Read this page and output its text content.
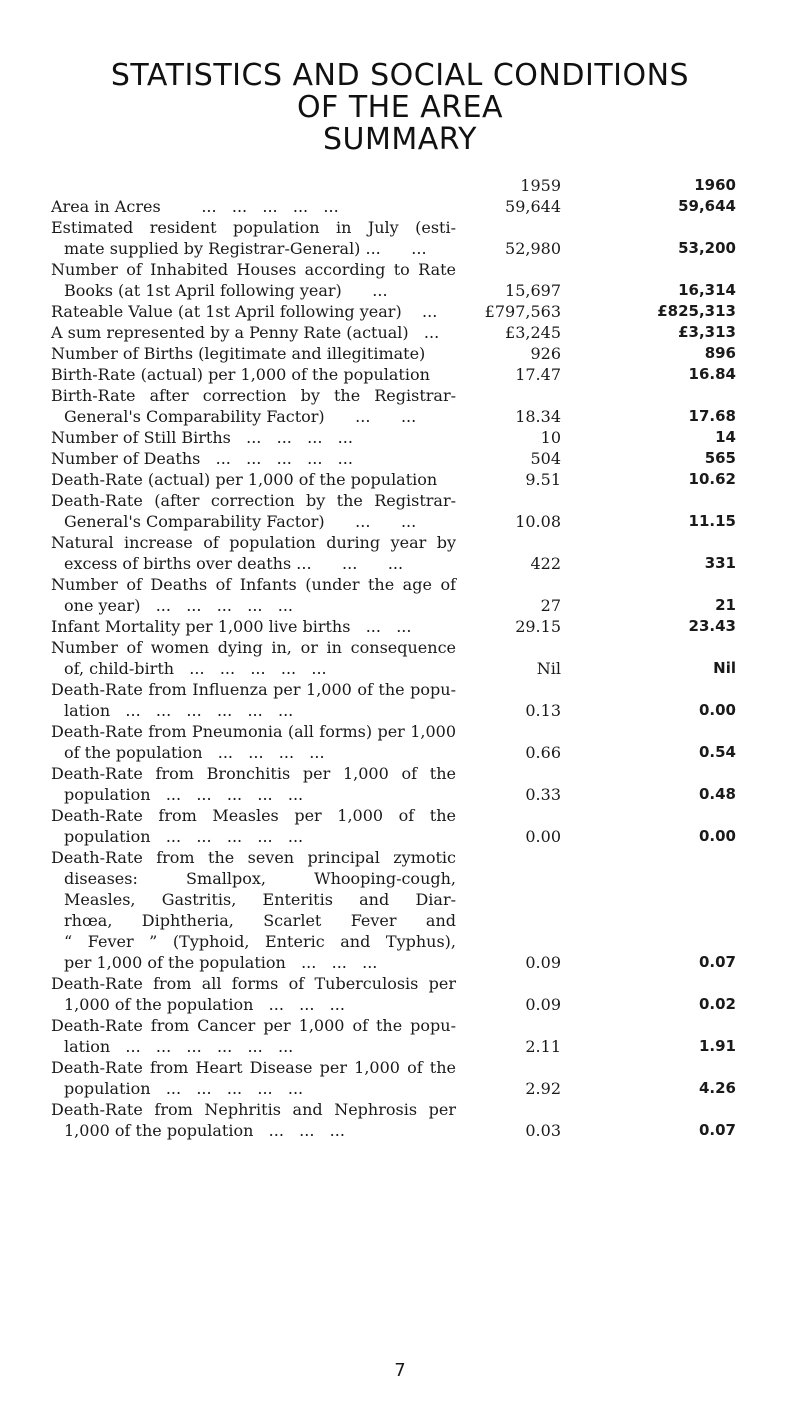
STATISTICS AND SOCIAL CONDITIONS
OF THE AREA
SUMMARY
1959	1960
Area in Acres        ...   ...   ...   ...   ...	59,644	59,644
Estimated resident population in July (esti-
mate supplied by Registrar-General) ...      ...	52,980	53,200
Number of Inhabited Houses according to Rate
Books (at 1st April following year)      ...	15,697	16,314
Rateable Value (at 1st April following year)    ...	£797,563	£825,313
A sum represented by a Penny Rate (actual)   ...	£3,245	£3,313
Number of Births (legitimate and illegitimate)	926	896
Birth-Rate (actual) per 1,000 of the population	17.47	16.84
Birth-Rate after correction by the Registrar-
General's Comparability Factor)      ...      ...	18.34	17.68
Number of Still Births   ...   ...   ...   ...	10	14
Number of Deaths   ...   ...   ...   ...   ...	504	565
Death-Rate (actual) per 1,000 of the population	9.51	10.62
Death-Rate (after correction by the Registrar-
General's Comparability Factor)      ...      ...	10.08	11.15
Natural increase of population during year by
excess of births over deaths ...      ...      ...	422	331
Number of Deaths of Infants (under the age of
one year)   ...   ...   ...   ...   ...	27	21
Infant Mortality per 1,000 live births   ...   ...	29.15	23.43
Number of women dying in, or in consequence
of, child-birth   ...   ...   ...   ...   ...	Nil	Nil
Death-Rate from Influenza per 1,000 of the popu-
lation   ...   ...   ...   ...   ...   ...	0.13	0.00
Death-Rate from Pneumonia (all forms) per 1,000
of the population   ...   ...   ...   ...	0.66	0.54
Death-Rate from Bronchitis per 1,000 of the
population   ...   ...   ...   ...   ...	0.33	0.48
Death-Rate from Measles per 1,000 of the
population   ...   ...   ...   ...   ...	0.00	0.00
Death-Rate from the seven principal zymotic
diseases: Smallpox, Whooping-cough,
Measles, Gastritis, Enteritis and Diar-
rhœa, Diphtheria, Scarlet Fever and
“ Fever ” (Typhoid, Enteric and Typhus),
per 1,000 of the population   ...   ...   ...	0.09	0.07
Death-Rate from all forms of Tuberculosis per
1,000 of the population   ...   ...   ...	0.09	0.02
Death-Rate from Cancer per 1,000 of the popu-
lation   ...   ...   ...   ...   ...   ...	2.11	1.91
Death-Rate from Heart Disease per 1,000 of the
population   ...   ...   ...   ...   ...	2.92	4.26
Death-Rate from Nephritis and Nephrosis per
1,000 of the population   ...   ...   ...	0.03	0.07
7
